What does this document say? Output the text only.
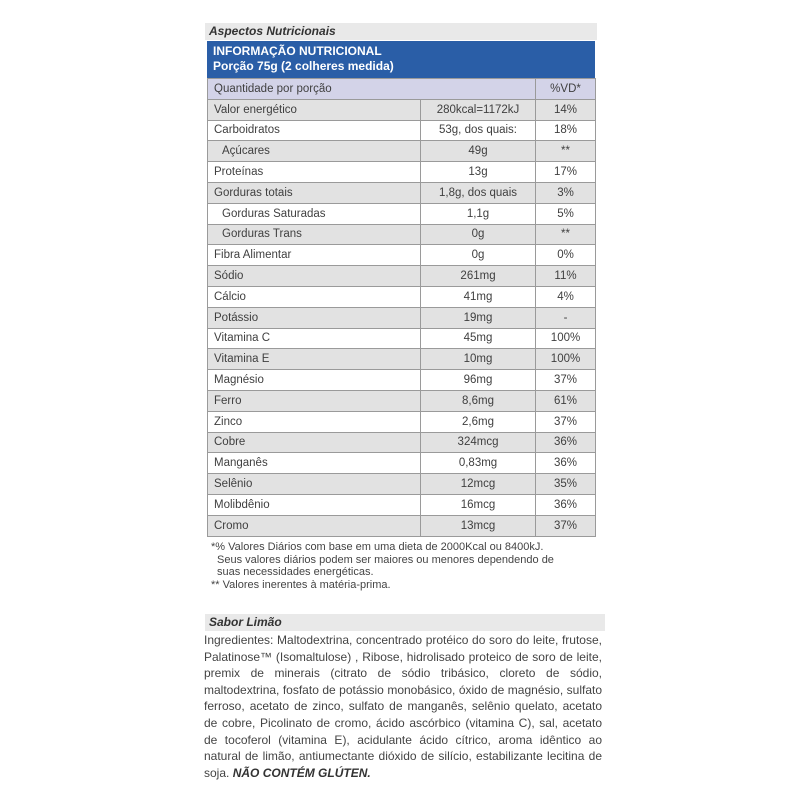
Aspectos Nutricionais
INFORMAÇÃO NUTRICIONAL
Porção 75g (2 colheres medida)
Quantidade por porção		%VD*
Valor energético	280kcal=1172kJ	14%
Carboidratos	53g, dos quais:	18%
Açúcares	49g	**
Proteínas	13g	17%
Gorduras totais	1,8g, dos quais	3%
Gorduras Saturadas	1,1g	5%
Gorduras Trans	0g	**
Fibra Alimentar	0g	0%
Sódio	261mg	11%
Cálcio	41mg	4%
Potássio	19mg	-
Vitamina C	45mg	100%
Vitamina E	10mg	100%
Magnésio	96mg	37%
Ferro	8,6mg	61%
Zinco	2,6mg	37%
Cobre	324mcg	36%
Manganês	0,83mg	36%
Selênio	12mcg	35%
Molibdênio	16mcg	36%
Cromo	13mcg	37%
*% Valores Diários com base em uma dieta de 2000Kcal ou 8400kJ.
Seus valores diários podem ser maiores ou menores dependendo de
suas necessidades energéticas.
** Valores inerentes à matéria-prima.
Sabor Limão
Ingredientes: Maltodextrina, concentrado protéico do soro do leite, frutose, Palatinose™ (Isomaltulose) , Ribose, hidrolisado proteico de soro de leite, premix de minerais (citrato de sódio tribásico, cloreto de sódio, maltodextrina, fosfato de potássio monobásico, óxido de magnésio, sulfato ferroso, acetato de zinco, sulfato de manganês, selênio quelato, acetato de cobre, Picolinato de cromo, ácido ascórbico (vitamina C), sal, acetato de tocoferol (vitamina E), acidulante ácido cítrico, aroma idêntico ao natural de limão, antiumectante dióxido de silício, estabilizante lecitina de soja. NÃO CONTÉM GLÚTEN.
